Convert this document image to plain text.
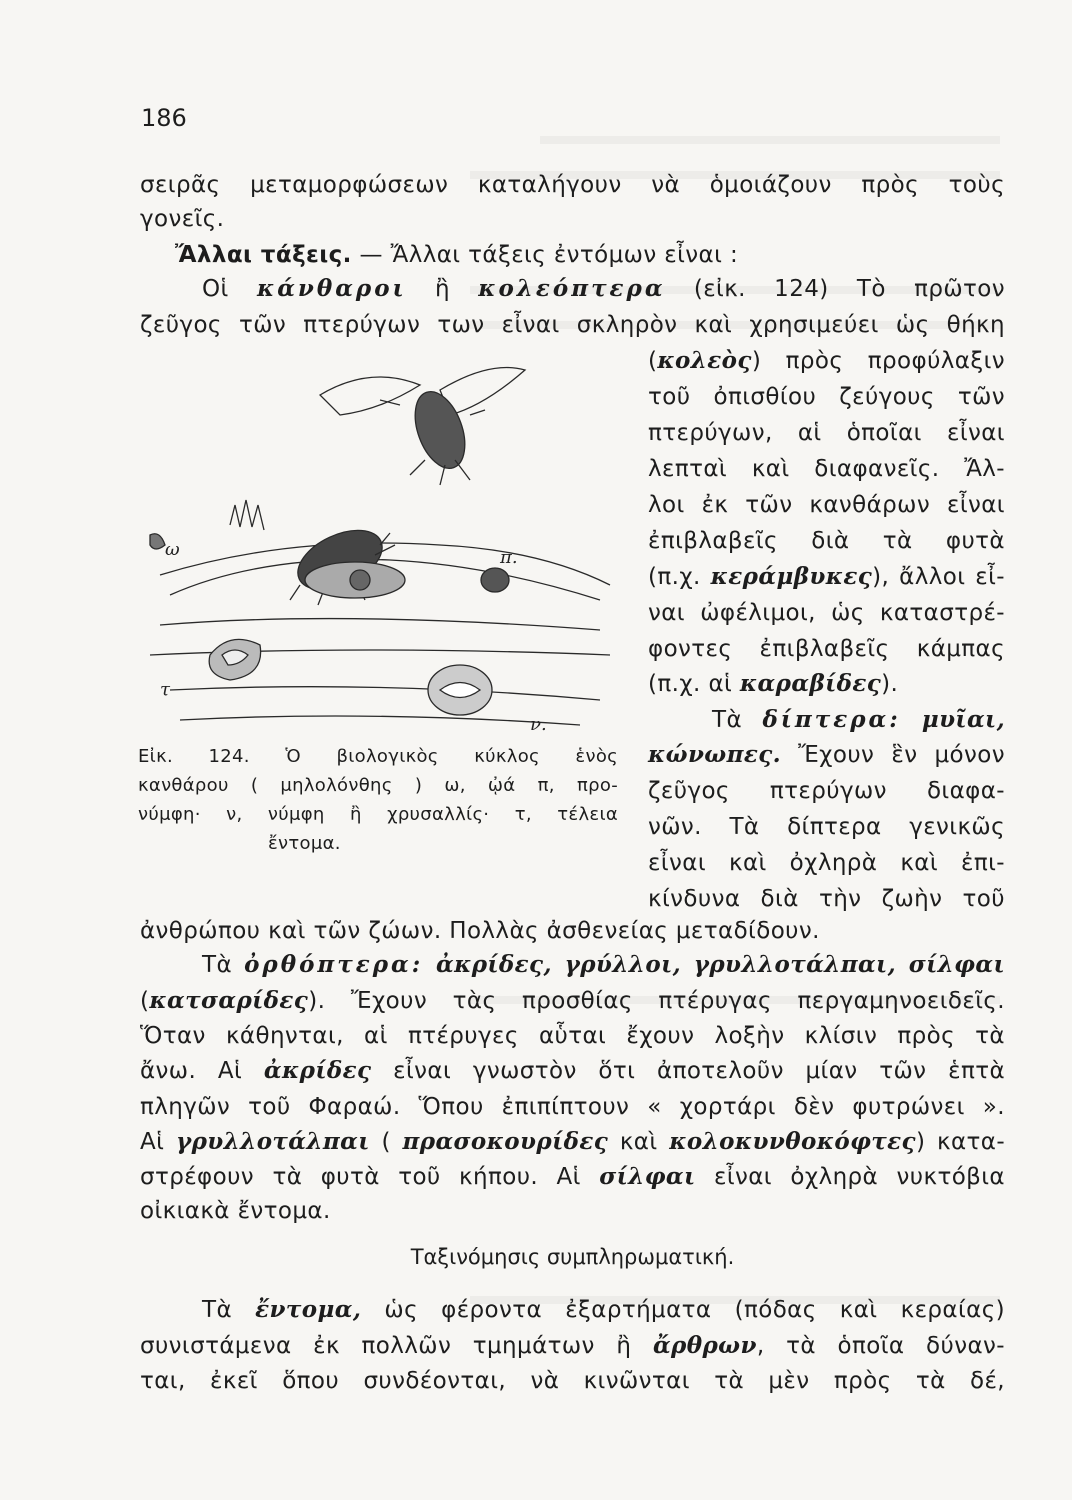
186
σειρᾶς μεταμορφώσεων καταλήγουν νὰ ὁμοιάζουν πρὸς τοὺς
γονεῖς.
Ἄλλαι τάξεις. — Ἄλλαι τάξεις ἐντόμων εἶναι :
Οἱ κάνθαροι ἢ κολεόπτερα (εἰκ. 124) Τὸ πρῶτον
ζεῦγος τῶν πτερύγων των εἶναι σκληρὸν καὶ χρησιμεύει ὡς θήκη
(κολεὸς) πρὸς προφύλαξιν
τοῦ ὀπισθίου ζεύγους τῶν
πτερύγων, αἱ ὁποῖαι εἶναι
λεπταὶ καὶ διαφανεῖς. Ἄλ-
λοι ἐκ τῶν κανθάρων εἶναι
ἐπιβλαβεῖς διὰ τὰ φυτὰ
(π.χ. κεράμβυκες), ἄλλοι εἶ-
ναι ὠφέλιμοι, ὡς καταστρέ-
φοντες ἐπιβλαβεῖς κάμπας
(π.χ. αἱ καραβίδες).
Τὰ δίπτερα: μυῖαι,
κώνωπες. Ἔχουν ἓν μόνον
ζεῦγος πτερύγων διαφα-
νῶν. Τὰ δίπτερα γενικῶς
εἶναι καὶ ὀχληρὰ καὶ ἐπι-
κίνδυνα διὰ τὴν ζωὴν τοῦ
π.
τ
ω
ν.
Εἰκ. 124. Ὁ βιολογικὸς κύκλος ἑνὸς
κανθάρου ( μηλολόνθης ) ω, ᾠά π, προ-
νύμφη· ν, νύμφη ἢ χρυσαλλίς· τ, τέλεια
ἔντομα.
ἀνθρώπου καὶ τῶν ζώων. Πολλὰς ἀσθενείας μεταδίδουν.
Τὰ ὀρθόπτερα: ἀκρίδες, γρύλλοι, γρυλλοτάλπαι, σίλφαι
(κατσαρίδες). Ἔχουν τὰς προσθίας πτέρυγας περγαμηνοειδεῖς.
Ὅταν κάθηνται, αἱ πτέρυγες αὗται ἔχουν λοξὴν κλίσιν πρὸς τὰ
ἄνω. Αἱ ἀκρίδες εἶναι γνωστὸν ὅτι ἀποτελοῦν μίαν τῶν ἑπτὰ
πληγῶν τοῦ Φαραώ. Ὅπου ἐπιπίπτουν « χορτάρι δὲν φυτρώνει ».
Αἱ γρυλλοτάλπαι ( πρασοκουρίδες καὶ κολοκυνθοκόφτες) κατα-
στρέφουν τὰ φυτὰ τοῦ κήπου. Αἱ σίλφαι εἶναι ὀχληρὰ νυκτόβια
οἰκιακὰ ἔντομα.
Ταξινόμησις συμπληρωματική.
Τὰ ἔντομα, ὡς φέροντα ἐξαρτήματα (πόδας καὶ κεραίας)
συνιστάμενα ἐκ πολλῶν τμημάτων ἢ ἄρθρων, τὰ ὁποῖα δύναν-
ται, ἐκεῖ ὅπου συνδέονται, νὰ κινῶνται τὰ μὲν πρὸς τὰ δέ,
